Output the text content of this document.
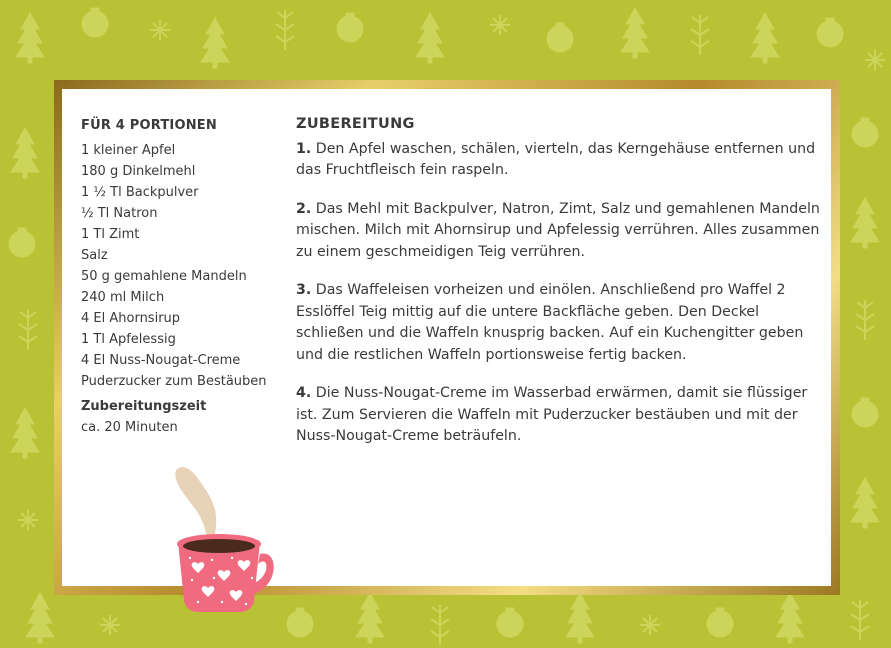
FÜR 4 PORTIONEN
1 kleiner Apfel
180 g Dinkelmehl
1 ½ Tl Backpulver
½ Tl Natron
1 Tl Zimt
Salz
50 g gemahlene Mandeln
240 ml Milch
4 El Ahornsirup
1 Tl Apfelessig
4 El Nuss-Nougat-Creme
Puderzucker zum Bestäuben
Zubereitungszeit
ca. 20 Minuten
ZUBEREITUNG

1. Den Apfel waschen, schälen, vierteln, das Kerngehäuse entfernen und das Fruchtfleisch fein raspeln.

2. Das Mehl mit Backpulver, Natron, Zimt, Salz und gemahlenen Mandeln mischen. Milch mit Ahornsirup und Apfelessig verrühren. Alles zusammen zu einem geschmeidigen Teig verrühren.

3. Das Waffeleisen vorheizen und einölen. Anschließend pro Waffel 2 Esslöffel Teig mittig auf die untere Backfläche geben. Den Deckel schließen und die Waffeln knusprig backen. Auf ein Kuchengitter geben und die restlichen Waffeln portionsweise fertig backen.

4. Die Nuss-Nougat-Creme im Wasserbad erwärmen, damit sie flüssiger ist. Zum Servieren die Waffeln mit Puderzucker bestäuben und mit der Nuss-Nougat-Creme beträufeln.
